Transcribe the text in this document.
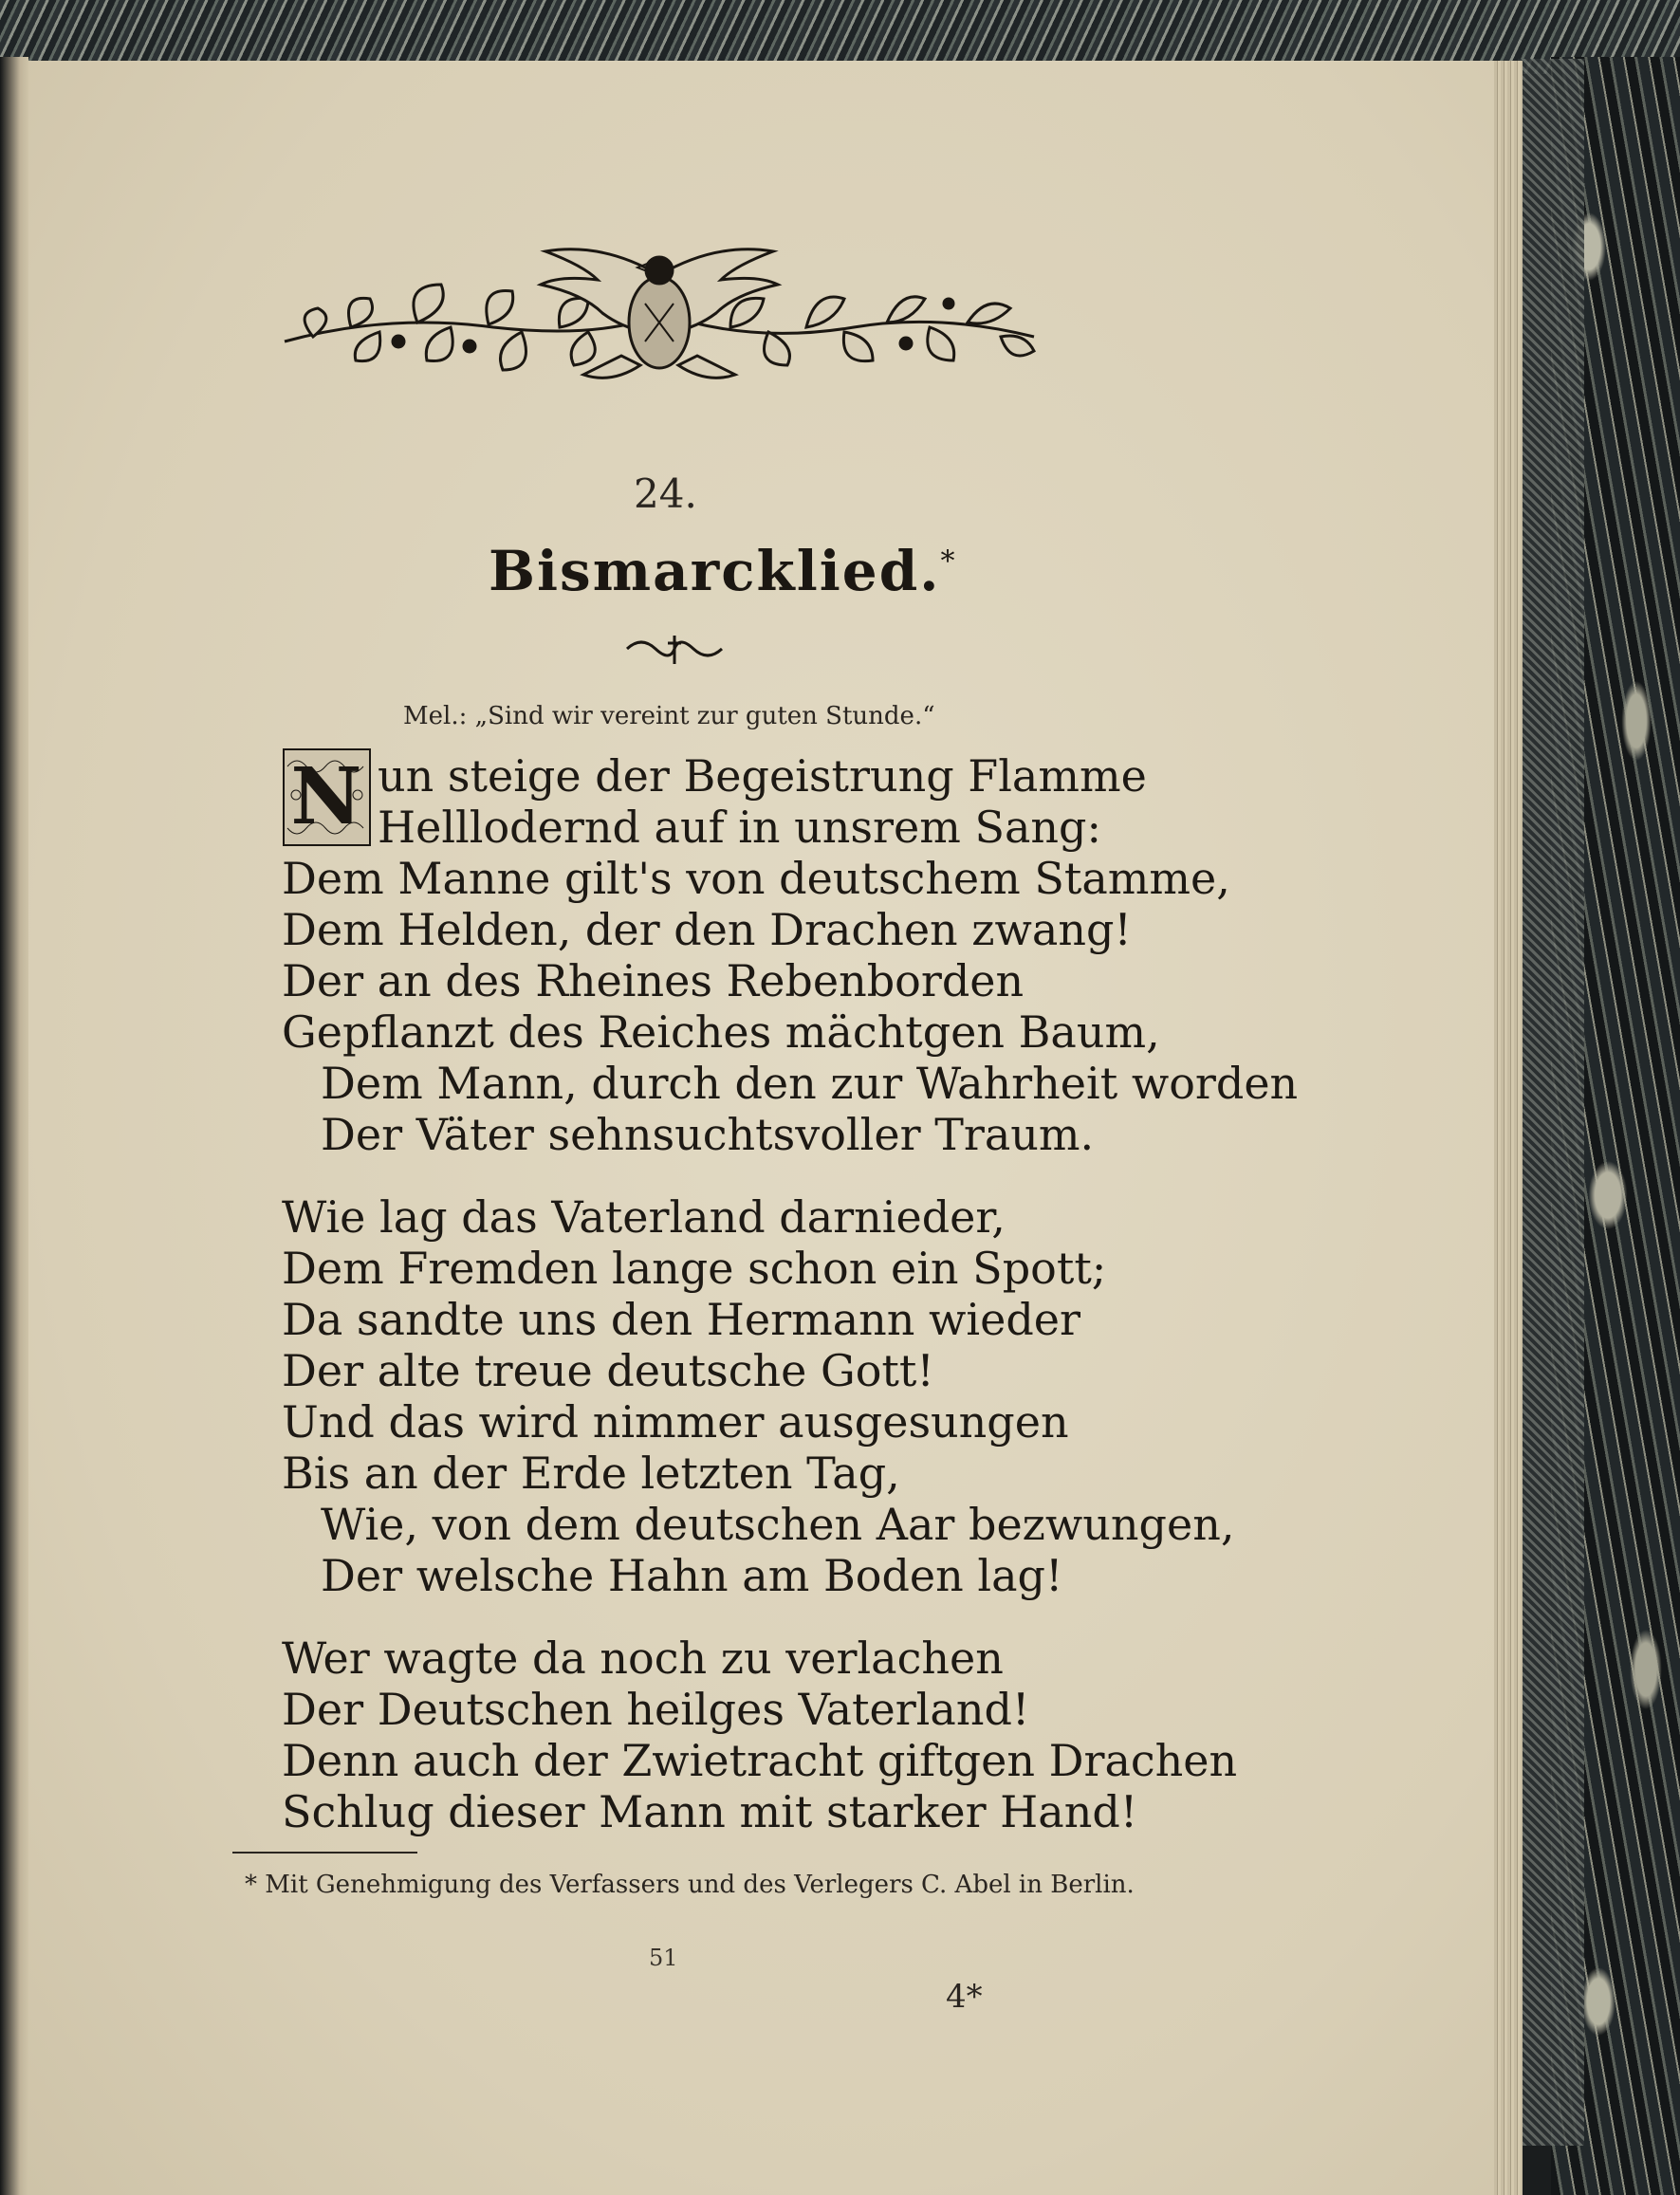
24.
Bismarcklied.*
Mel.: „Sind wir vereint zur guten Stunde.“
N un steige der Begeistrung Flamme
Helllodernd auf in unsrem Sang:
Dem Manne gilt's von deutschem Stamme,
Dem Helden, der den Drachen zwang!
Der an des Rheines Rebenborden
Gepflanzt des Reiches mächtgen Baum,
Dem Mann, durch den zur Wahrheit worden
Der Väter sehnsuchtsvoller Traum.
Wie lag das Vaterland darnieder,
Dem Fremden lange schon ein Spott;
Da sandte uns den Hermann wieder
Der alte treue deutsche Gott!
Und das wird nimmer ausgesungen
Bis an der Erde letzten Tag,
Wie, von dem deutschen Aar bezwungen,
Der welsche Hahn am Boden lag!
Wer wagte da noch zu verlachen
Der Deutschen heilges Vaterland!
Denn auch der Zwietracht giftgen Drachen
Schlug dieser Mann mit starker Hand!
* Mit Genehmigung des Verfassers und des Verlegers C. Abel in Berlin.
51
4*
